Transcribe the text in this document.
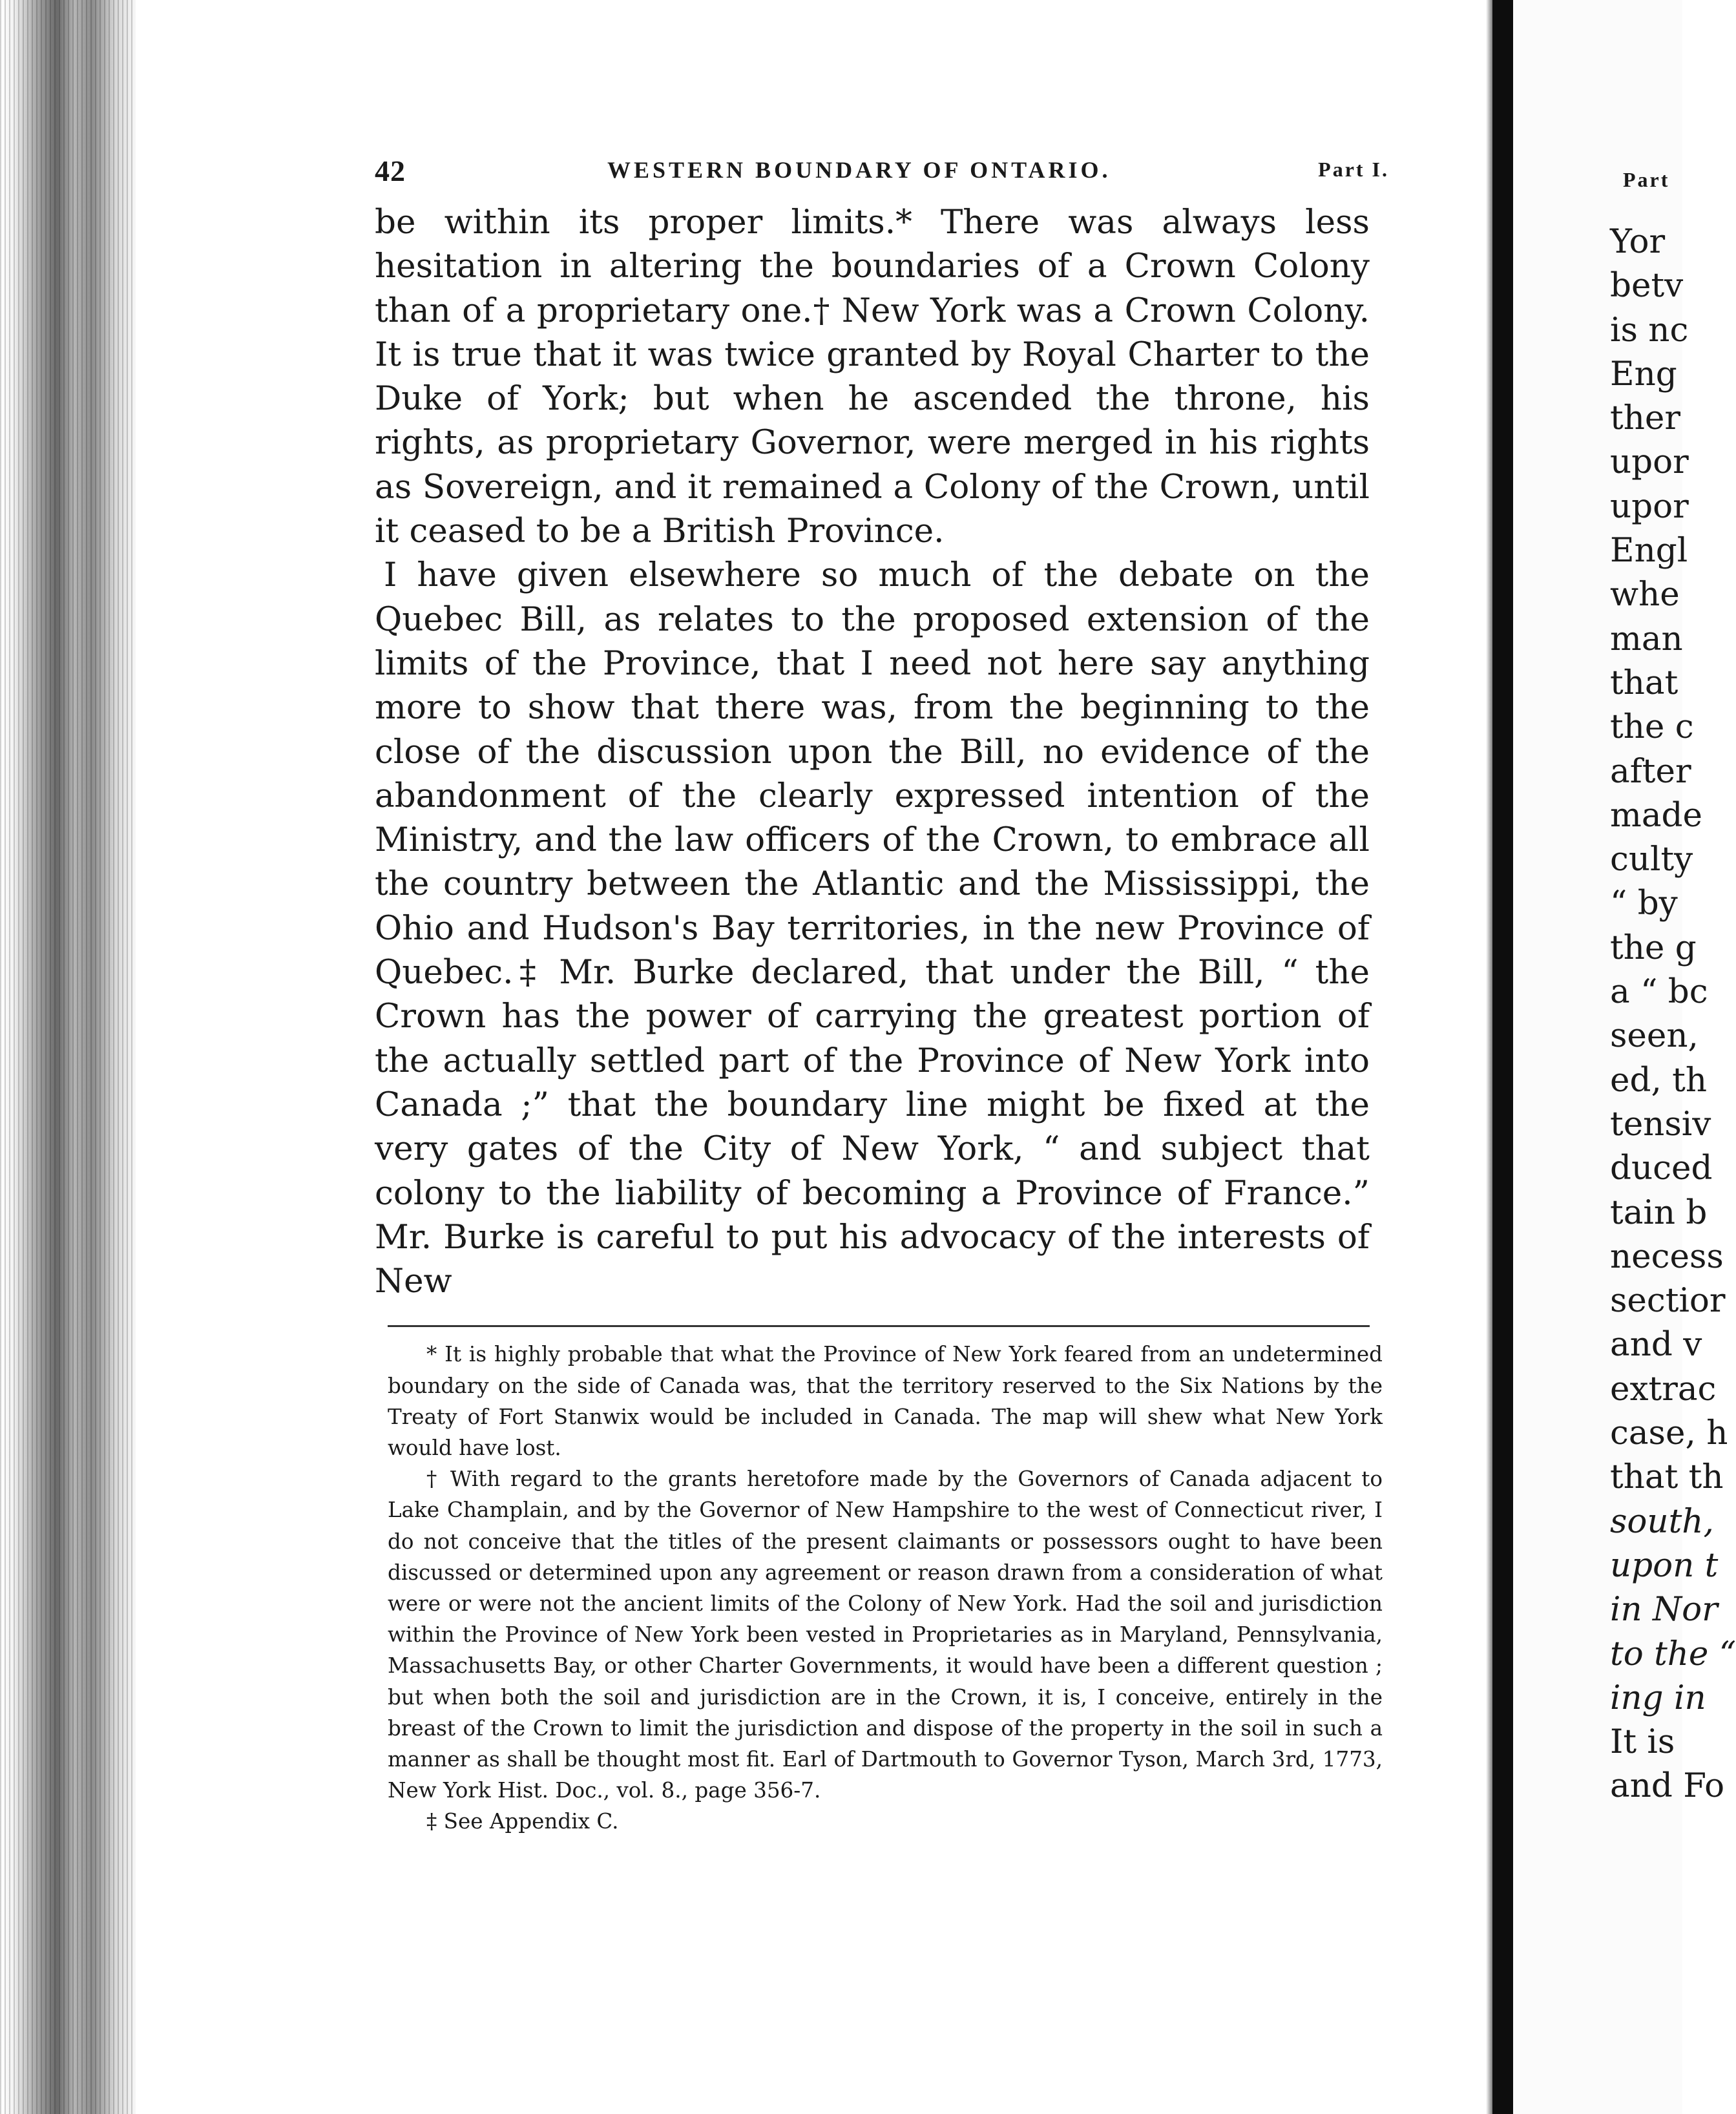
42	WESTERN BOUNDARY OF ONTARIO.	Part I.

be within its proper limits.* There was always less hesitation in altering the boundaries of a Crown Colony than of a proprietary one.† New York was a Crown Colony. It is true that it was twice granted by Royal Charter to the Duke of York; but when he ascended the throne, his rights, as proprietary Governor, were merged in his rights as Sovereign, and it remained a Colony of the Crown, until it ceased to be a British Province.

I have given elsewhere so much of the debate on the Quebec Bill, as relates to the proposed extension of the limits of the Province, that I need not here say anything more to show that there was, from the beginning to the close of the discussion upon the Bill, no evidence of the abandonment of the clearly expressed intention of the Ministry, and the law officers of the Crown, to embrace all the country between the Atlantic and the Mississippi, the Ohio and Hudson's Bay territories, in the new Province of Quebec.‡ Mr. Burke declared, that under the Bill, “ the Crown has the power of carrying the greatest portion of the actually settled part of the Province of New York into Canada ;” that the boundary line might be fixed at the very gates of the City of New York, “ and subject that colony to the liability of becoming a Province of France.” Mr. Burke is careful to put his advocacy of the interests of New

* It is highly probable that what the Province of New York feared from an undetermined boundary on the side of Canada was, that the territory reserved to the Six Nations by the Treaty of Fort Stanwix would be included in Canada. The map will shew what New York would have lost.

† With regard to the grants heretofore made by the Governors of Canada adjacent to Lake Champlain, and by the Governor of New Hampshire to the west of Connecticut river, I do not conceive that the titles of the present claimants or possessors ought to have been discussed or determined upon any agreement or reason drawn from a consideration of what were or were not the ancient limits of the Colony of New York. Had the soil and jurisdiction within the Province of New York been vested in Proprietaries as in Maryland, Pennsylvania, Massachusetts Bay, or other Charter Governments, it would have been a different question ; but when both the soil and jurisdiction are in the Crown, it is, I conceive, entirely in the breast of the Crown to limit the jurisdiction and dispose of the property in the soil in such a manner as shall be thought most fit. Earl of Dartmouth to Governor Tyson, March 3rd, 1773, New York Hist. Doc., vol. 8., page 356-7.

‡ See Appendix C.

Part
Yor
betv
is nc
Eng
ther
upor
upor
Engl
whe
man
that
the c
after
made
culty
“ by
the g
a “ bc
seen,
ed, th
tensiv
duced
tain b
necess
sectior
and v
extrac
case, h
that th
south,
upon t
in Nor
to the “
ing in
It is
and Fo
